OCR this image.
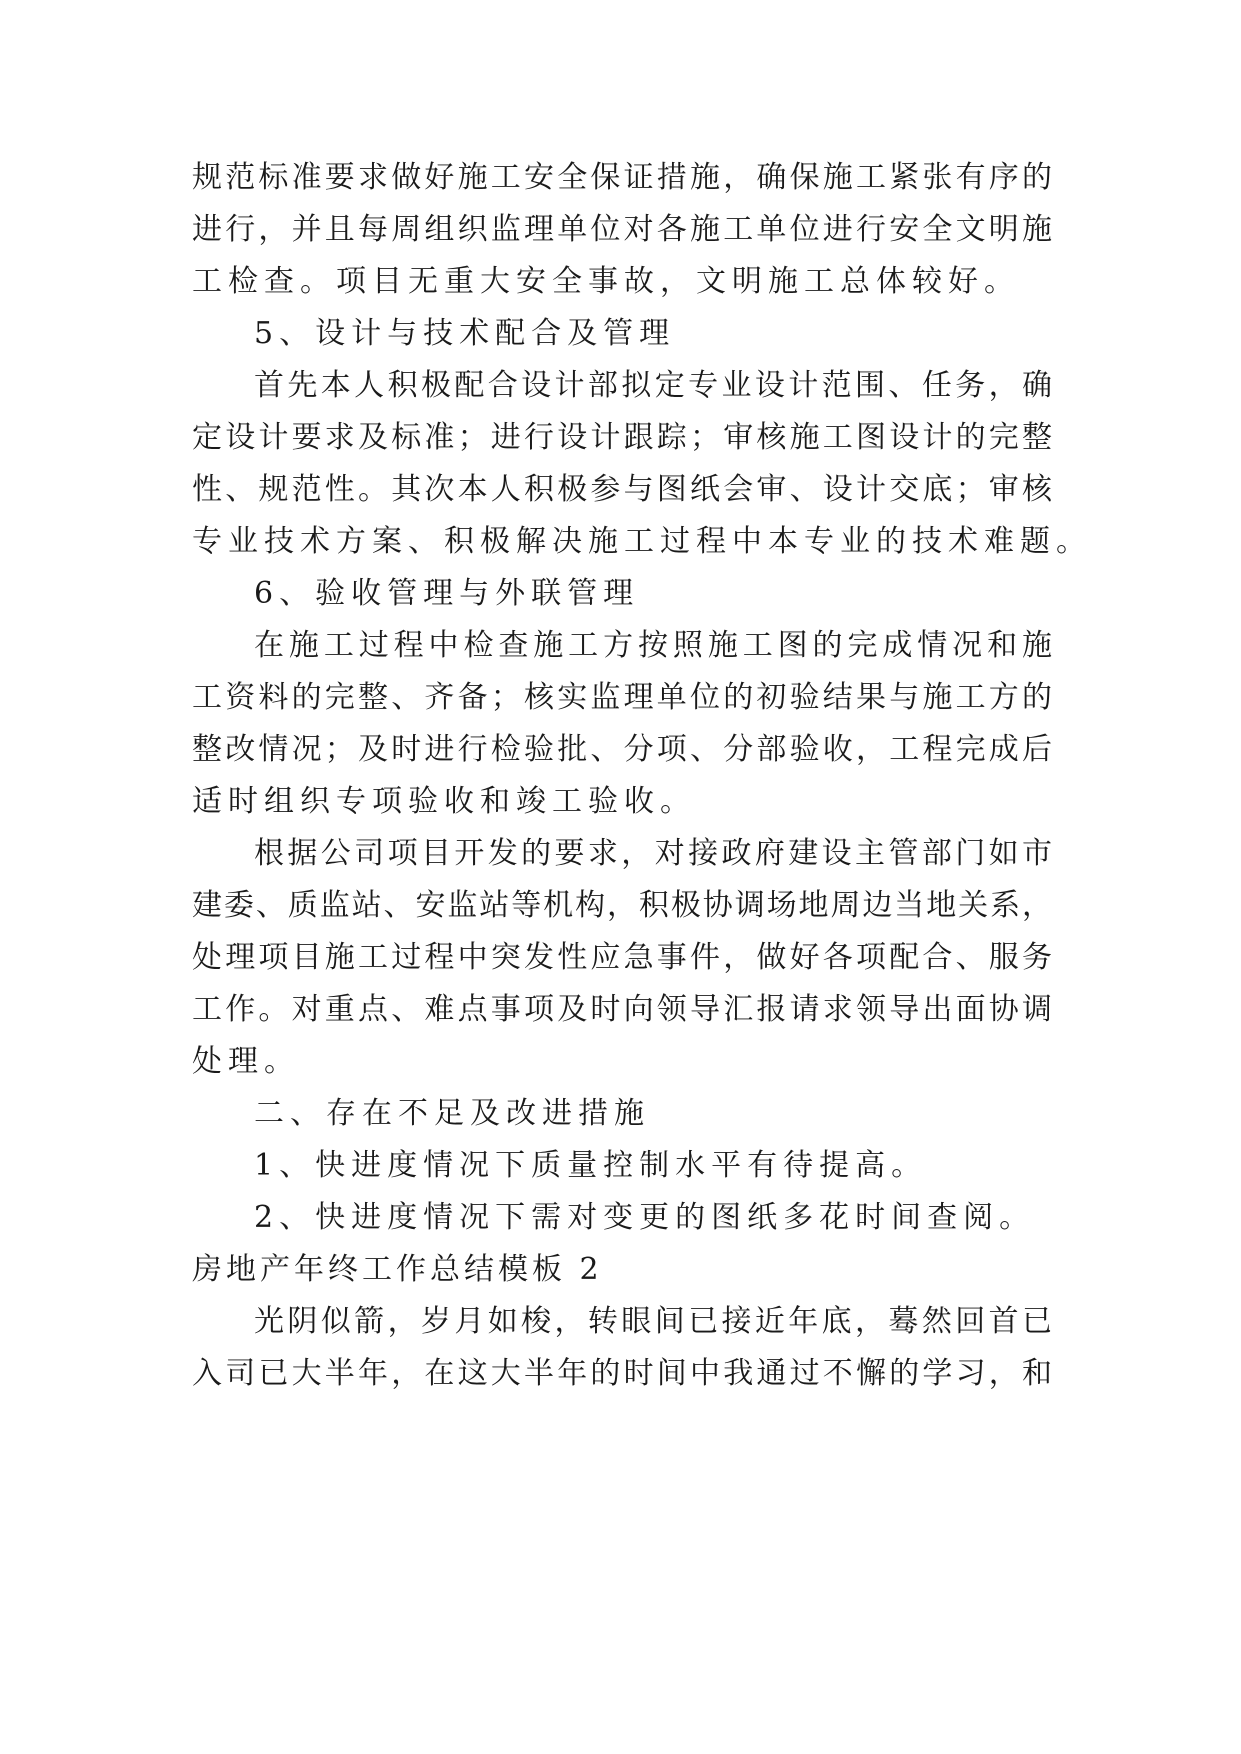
规范标准要求做好施工安全保证措施，确保施工紧张有序的
进行，并且每周组织监理单位对各施工单位进行安全文明施
工检查。项目无重大安全事故，文明施工总体较好。
5、设计与技术配合及管理
首先本人积极配合设计部拟定专业设计范围、任务，确
定设计要求及标准；进行设计跟踪；审核施工图设计的完整
性、规范性。其次本人积极参与图纸会审、设计交底；审核
专业技术方案、积极解决施工过程中本专业的技术难题。
6、验收管理与外联管理
在施工过程中检查施工方按照施工图的完成情况和施
工资料的完整、齐备；核实监理单位的初验结果与施工方的
整改情况；及时进行检验批、分项、分部验收，工程完成后
适时组织专项验收和竣工验收。
根据公司项目开发的要求，对接政府建设主管部门如市
建委、质监站、安监站等机构，积极协调场地周边当地关系，
处理项目施工过程中突发性应急事件，做好各项配合、服务
工作。对重点、难点事项及时向领导汇报请求领导出面协调
处理。
二、存在不足及改进措施
1、快进度情况下质量控制水平有待提高。
2、快进度情况下需对变更的图纸多花时间查阅。
房地产年终工作总结模板 2
光阴似箭，岁月如梭，转眼间已接近年底，蓦然回首已
入司已大半年，在这大半年的时间中我通过不懈的学习，和
